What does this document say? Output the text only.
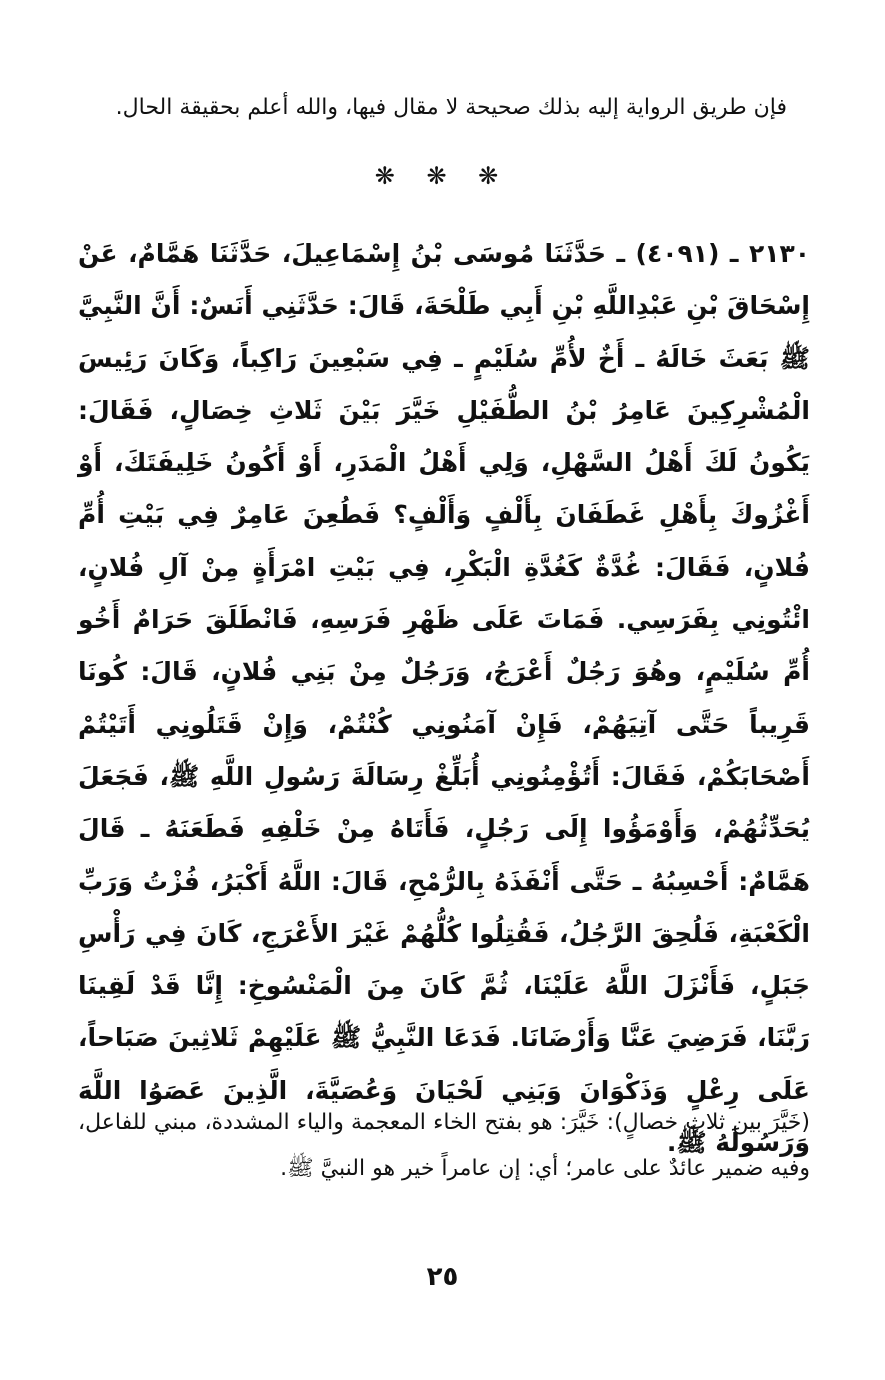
فإن طريق الرواية إليه بذلك صحيحة لا مقال فيها، والله أعلم بحقيقة الحال.

❋ ❋ ❋

٢١٣٠ ـ (٤٠٩١) ـ حَدَّثَنَا مُوسَى بْنُ إِسْمَاعِيلَ، حَدَّثَنَا هَمَّامٌ، عَنْ إِسْحَاقَ بْنِ عَبْدِاللَّهِ بْنِ أَبِي طَلْحَةَ، قَالَ: حَدَّثَنِي أَنَسٌ: أَنَّ النَّبِيَّ ﷺ بَعَثَ خَالَهُ ـ أَخٌ لأُمِّ سُلَيْمٍ ـ فِي سَبْعِينَ رَاكِباً، وَكَانَ رَئِيسَ الْمُشْرِكِينَ عَامِرُ بْنُ الطُّفَيْلِ خَيَّرَ بَيْنَ ثَلاثِ خِصَالٍ، فَقَالَ: يَكُونُ لَكَ أَهْلُ السَّهْلِ، وَلِي أَهْلُ الْمَدَرِ، أَوْ أَكُونُ خَلِيفَتَكَ، أَوْ أَغْزُوكَ بِأَهْلِ غَطَفَانَ بِأَلْفٍ وَأَلْفٍ؟ فَطُعِنَ عَامِرٌ فِي بَيْتِ أُمِّ فُلانٍ، فَقَالَ: غُدَّةٌ كَغُدَّةِ الْبَكْرِ، فِي بَيْتِ امْرَأَةٍ مِنْ آلِ فُلانٍ، ائْتُونِي بِفَرَسِي. فَمَاتَ عَلَى ظَهْرِ فَرَسِهِ، فَانْطَلَقَ حَرَامٌ أَخُو أُمِّ سُلَيْمٍ، وهُوَ رَجُلٌ أَعْرَجُ، وَرَجُلٌ مِنْ بَنِي فُلانٍ، قَالَ: كُونَا قَرِيباً حَتَّى آتِيَهُمْ، فَإِنْ آمَنُونِي كُنْتُمْ، وَإِنْ قَتَلُونِي أَتَيْتُمْ أَصْحَابَكُمْ، فَقَالَ: أَتُؤْمِنُونِي أُبَلِّغْ رِسَالَةَ رَسُولِ اللَّهِ ﷺ، فَجَعَلَ يُحَدِّثُهُمْ، وَأَوْمَؤُوا إِلَى رَجُلٍ، فَأَتَاهُ مِنْ خَلْفِهِ فَطَعَنَهُ ـ قَالَ هَمَّامٌ: أَحْسِبُهُ ـ حَتَّى أَنْفَذَهُ بِالرُّمْحِ، قَالَ: اللَّهُ أَكْبَرُ، فُزْتُ وَرَبِّ الْكَعْبَةِ، فَلُحِقَ الرَّجُلُ، فَقُتِلُوا كُلُّهُمْ غَيْرَ الأَعْرَجِ، كَانَ فِي رَأْسِ جَبَلٍ، فَأَنْزَلَ اللَّهُ عَلَيْنَا، ثُمَّ كَانَ مِنَ الْمَنْسُوخِ: إِنَّا قَدْ لَقِينَا رَبَّنَا، فَرَضِيَ عَنَّا وَأَرْضَانَا. فَدَعَا النَّبِيُّ ﷺ عَلَيْهِمْ ثَلاثِينَ صَبَاحاً، عَلَى رِعْلٍ وَذَكْوَانَ وَبَنِي لَحْيَانَ وَعُصَيَّةَ، الَّذِينَ عَصَوُا اللَّهَ وَرَسُولَهُ ﷺ.

(خَيَّرَ بين ثلاثِ خصالٍ): خَيَّرَ: هو بفتح الخاء المعجمة والياء المشددة، مبني للفاعل، وفيه ضمير عائدٌ على عامر؛ أي: إن عامراً خير هو النبيَّ ﷺ.

٢٥
